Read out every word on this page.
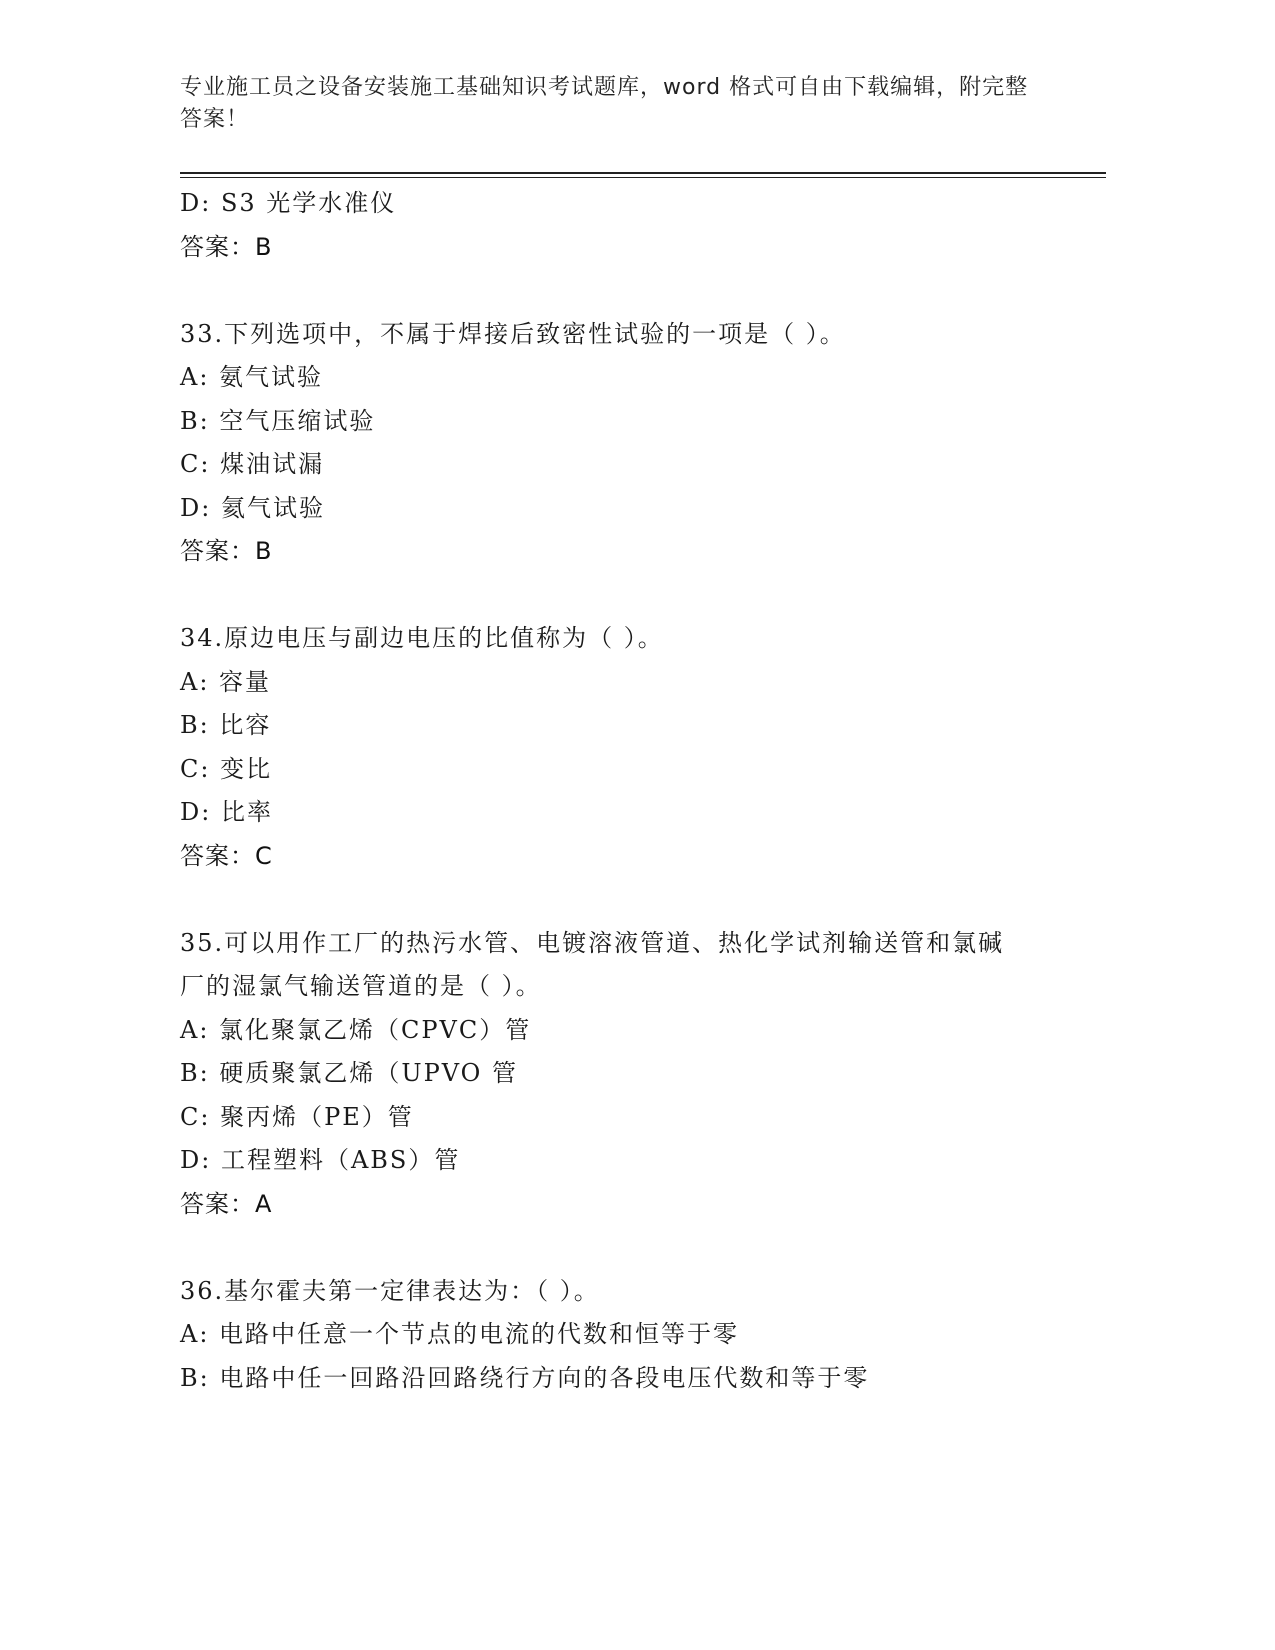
专业施工员之设备安装施工基础知识考试题库，word 格式可自由下载编辑，附完整答案！
D: S3 光学水准仪
答案：B
33.下列选项中，不属于焊接后致密性试验的一项是（ ）。
A: 氨气试验
B: 空气压缩试验
C: 煤油试漏
D: 氦气试验
答案：B
34.原边电压与副边电压的比值称为（ ）。
A: 容量
B: 比容
C: 变比
D: 比率
答案：C
35.可以用作工厂的热污水管、电镀溶液管道、热化学试剂输送管和氯碱厂的湿氯气输送管道的是（ ）。
A: 氯化聚氯乙烯（CPVC）管
B: 硬质聚氯乙烯（UPVO 管
C: 聚丙烯（PE）管
D: 工程塑料（ABS）管
答案：A
36.基尔霍夫第一定律表达为：（ ）。
A: 电路中任意一个节点的电流的代数和恒等于零
B: 电路中任一回路沿回路绕行方向的各段电压代数和等于零
